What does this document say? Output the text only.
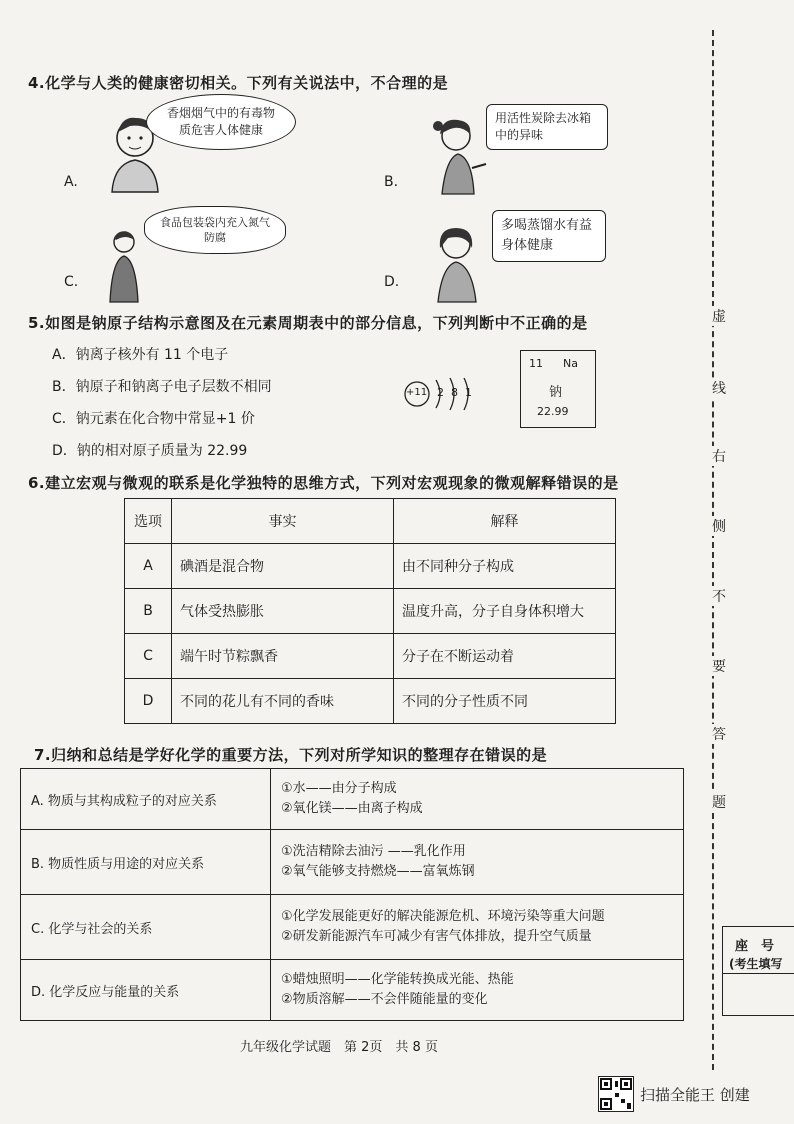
4.化学与人类的健康密切相关。下列有关说法中，不合理的是
A.
香烟烟气中的有毒物质危害人体健康
B.
用活性炭除去冰箱中的异味
C.
食品包装袋内充入氮气防腐
D.
多喝蒸馏水有益身体健康
5.如图是钠原子结构示意图及在元素周期表中的部分信息，下列判断中不正确的是
A．钠离子核外有 11 个电子
B．钠原子和钠离子电子层数不相同
C．钠元素在化合物中常显+1 价
D．钠的相对原子质量为 22.99
+11 2 8 1
11 Na
钠
22.99
6.建立宏观与微观的联系是化学独特的思维方式，下列对宏观现象的微观解释错误的是
选项	事实	解释
A	碘酒是混合物	由不同种分子构成
B	气体受热膨胀	温度升高，分子自身体积增大
C	端午时节粽飘香	分子在不断运动着
D	不同的花儿有不同的香味	不同的分子性质不同
7.归纳和总结是学好化学的重要方法，下列对所学知识的整理存在错误的是
A. 物质与其构成粒子的对应关系	①水——由分子构成
②氧化镁——由离子构成

B. 物质性质与用途的对应关系	①洗洁精除去油污 ——乳化作用
②氧气能够支持燃烧——富氧炼钢

C. 化学与社会的关系	①化学发展能更好的解决能源危机、环境污染等重大问题
②研发新能源汽车可减少有害气体排放，提升空气质量

D. 化学反应与能量的关系	①蜡烛照明——化学能转换成光能、热能
②物质溶解——不会伴随能量的变化
虚
线
右
侧
不
要
答
题
座　号
(考生填写
九年级化学试题　第 2页　共 8 页
扫描全能王 创建
